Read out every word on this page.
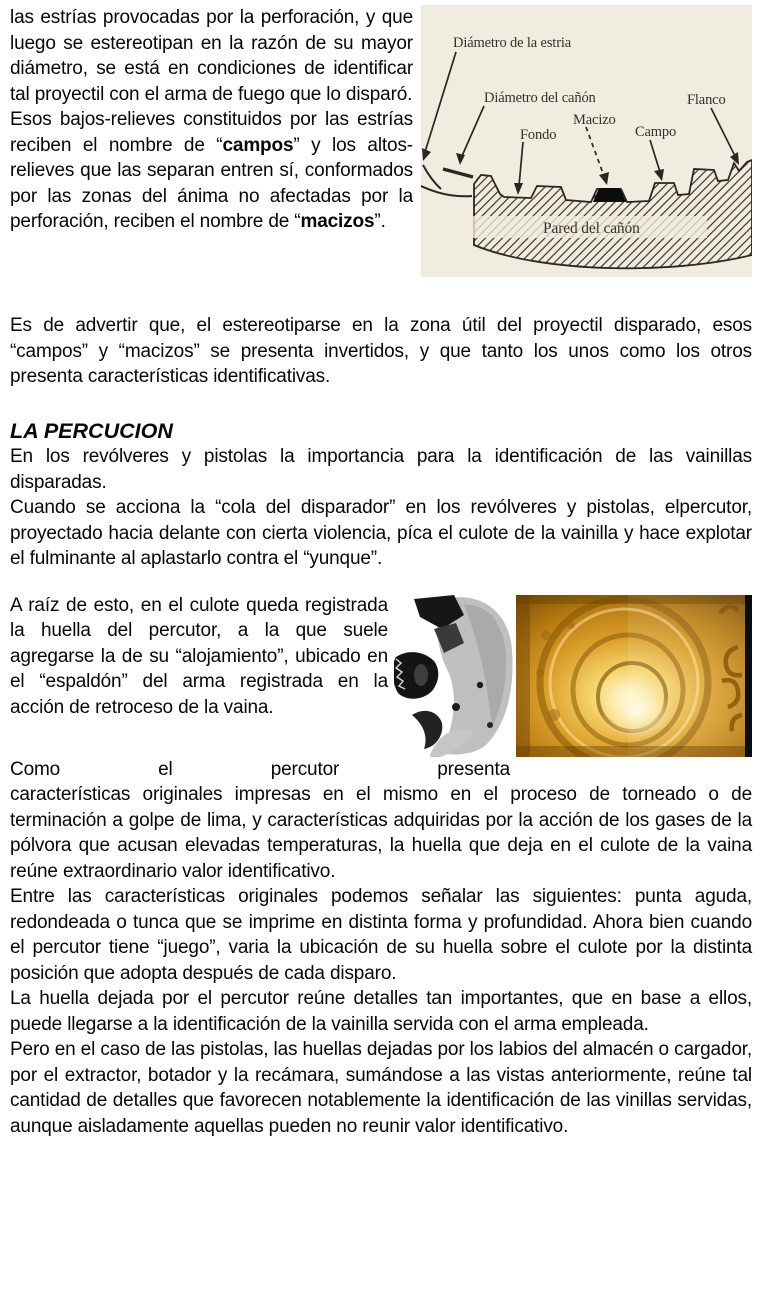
Pared del cañón
Diámetro de la estria
Diámetro del cañón
Fondo
Macizo
Campo
Flanco

las estrías provocadas por la perforación, y que luego se estereotipan en la razón de su mayor diámetro, se está en condiciones de identificar tal proyectil con el arma de fuego que lo disparó.

Esos bajos-relieves constituidos por las estrías reciben el nombre de “campos” y los altos-relieves que las separan entren sí, conformados por las zonas del ánima no afectadas por la perforación, reciben el nombre de “macizos”.

Es de advertir que, el estereotiparse en la zona útil del proyectil disparado, esos “campos” y “macizos” se presenta invertidos, y que tanto los unos como los otros presenta características identificativas.

LA PERCUCION

En los revólveres y pistolas la importancia para la identificación de las vainillas disparadas.

Cuando se acciona la “cola del disparador” en los revólveres y pistolas, elpercutor, proyectado hacia delante con cierta violencia, píca el culote de la vainilla y hace explotar el fulminante al aplastarlo contra el “yunque”.

A raíz de esto, en el culote queda registrada la huella del percutor, a la que suele agregarse la de su “alojamiento”, ubicado en el “espaldón” del arma registrada en la acción de retroceso de la vaina.

Como el percutor presenta

características originales impresas en el mismo en el proceso de torneado o de terminación a golpe de lima, y características adquiridas por la acción de los gases de la pólvora que acusan elevadas temperaturas, la huella que deja en el culote de la vaina reúne extraordinario valor identificativo.

Entre las características originales podemos señalar las siguientes: punta aguda, redondeada o tunca que se imprime en distinta forma y profundidad. Ahora bien cuando el percutor tiene “juego”, varia la ubicación de su huella sobre el culote por la distinta posición que adopta después de cada disparo.

La huella dejada por el percutor reúne detalles tan importantes, que en base a ellos, puede llegarse a la identificación de la vainilla servida con el arma empleada.

Pero en el caso de las pistolas, las huellas dejadas por los labios del almacén o cargador, por el extractor, botador y la recámara, sumándose a las vistas anteriormente, reúne tal cantidad de detalles que favorecen notablemente la identificación de las vinillas servidas, aunque aisladamente aquellas pueden no reunir valor identificativo.
